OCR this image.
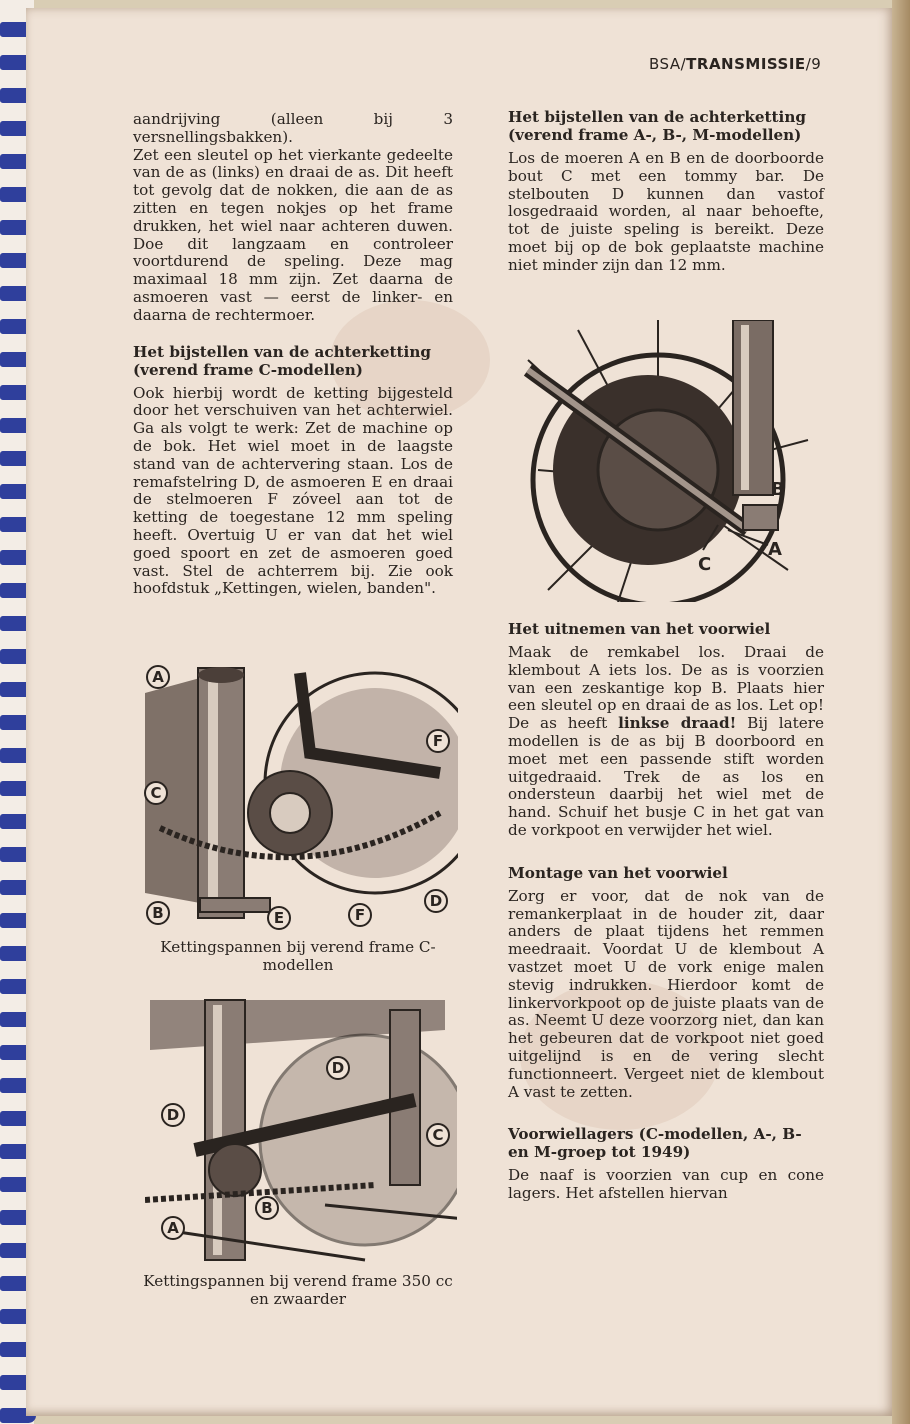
BSA/TRANSMISSIE/9

aandrijving (alleen bij 3 versnellingsbakken).

Zet een sleutel op het vierkante gedeelte van de as (links) en draai de as. Dit heeft tot gevolg dat de nokken, die aan de as zitten en tegen nokjes op het frame drukken, het wiel naar achteren duwen. Doe dit langzaam en controleer voortdurend de speling. Deze mag maximaal 18 mm zijn. Zet daarna de asmoeren vast — eerst de linker- en daarna de rechtermoer.

Het bijstellen van de achterketting (verend frame C-modellen)

Ook hierbij wordt de ketting bijgesteld door het verschuiven van het achterwiel. Ga als volgt te werk: Zet de machine op de bok. Het wiel moet in de laagste stand van de achtervering staan. Los de remafstelring D, de asmoeren E en draai de stelmoeren F zóveel aan tot de ketting de toegestane 12 mm speling heeft. Overtuig U er van dat het wiel goed spoort en zet de asmoeren goed vast. Stel de achterrem bij. Zie ook hoofdstuk „Kettingen, wielen, banden".

A
B
C
D
E
F
F
Kettingspannen bij verend frame C-modellen
A
B
C
D
D
Kettingspannen bij verend frame 350 cc en zwaarder

Het bijstellen van de achterketting (verend frame A-, B-, M-modellen)

Los de moeren A en B en de doorboorde bout C met een tommy bar. De stelbouten D kunnen dan vastof losgedraaid worden, al naar behoefte, tot de juiste speling is bereikt. Deze moet bij op de bok geplaatste machine niet minder zijn dan 12 mm.

B
C
A

Het uitnemen van het voorwiel

Maak de remkabel los. Draai de klembout A iets los. De as is voorzien van een zeskantige kop B. Plaats hier een sleutel op en draai de as los. Let op! De as heeft linkse draad! Bij latere modellen is de as bij B doorboord en moet met een passende stift worden uitgedraaid. Trek de as los en ondersteun daarbij het wiel met de hand. Schuif het busje C in het gat van de vorkpoot en verwijder het wiel.

Montage van het voorwiel

Zorg er voor, dat de nok van de remankerplaat in de houder zit, daar anders de plaat tijdens het remmen meedraait. Voordat U de klembout A vastzet moet U de vork enige malen stevig indrukken. Hierdoor komt de linkervorkpoot op de juiste plaats van de as. Neemt U deze voorzorg niet, dan kan het gebeuren dat de vorkpoot niet goed uitgelijnd is en de vering slecht functionneert. Vergeet niet de klembout A vast te zetten.

Voorwiellagers (C-modellen, A-, B- en M-groep tot 1949)

De naaf is voorzien van cup en cone lagers. Het afstellen hiervan
